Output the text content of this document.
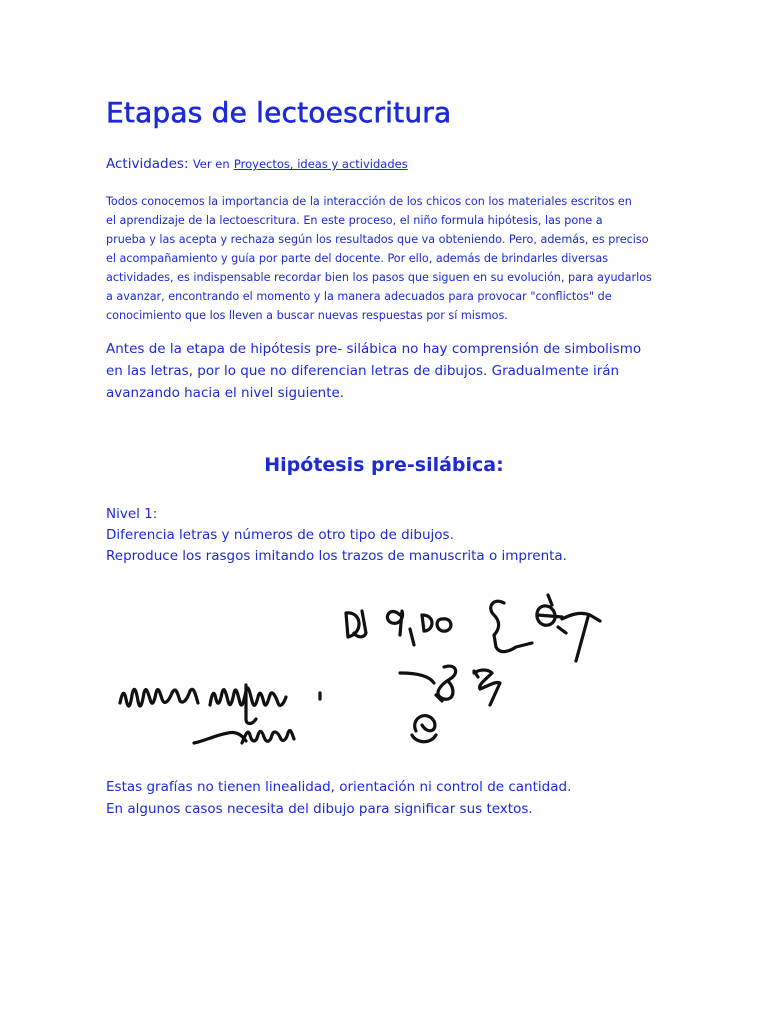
Etapas de lectoescritura
Actividades: Ver en Proyectos, ideas y actividades

Todos conocemos la importancia de la interacción de los chicos con los materiales escritos en
el aprendizaje de la lectoescritura. En este proceso, el niño formula hipótesis, las pone a
prueba y las acepta y rechaza según los resultados que va obteniendo. Pero, además, es preciso
el acompañamiento y guía por parte del docente. Por ello, además de brindarles diversas
actividades, es indispensable recordar bien los pasos que siguen en su evolución, para ayudarlos
a avanzar, encontrando el momento y la manera adecuados para provocar "conflictos" de
conocimiento que los lleven a buscar nuevas respuestas por sí mismos.

Antes de la etapa de hipótesis pre- silábica no hay comprensión de simbolismo
en las letras, por lo que no diferencian letras de dibujos. Gradualmente irán
avanzando hacia el nivel siguiente.

Hipótesis pre-silábica:

Nivel 1:
Diferencia letras y números de otro tipo de dibujos.
Reproduce los rasgos imitando los trazos de manuscrita o imprenta.

Estas grafías no tienen linealidad, orientación ni control de cantidad.
En algunos casos necesita del dibujo para significar sus textos.
